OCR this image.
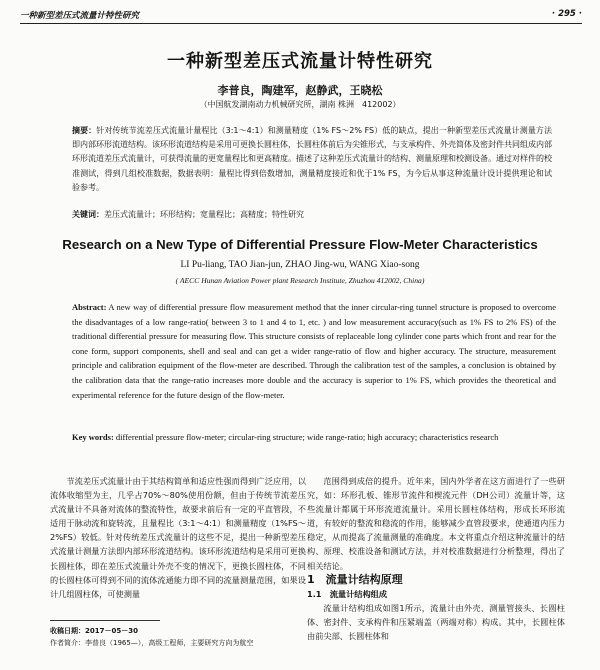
一种新型差压式流量计特性研究	· 295 ·
一种新型差压式流量计特性研究
李普良，陶建军，赵静武，王晓松
（中国航发湖南动力机械研究所，湖南 株洲　412002）
摘要：针对传统节流差压式流量计量程比（3:1～4:1）和测量精度（1% FS～2% FS）低的缺点，提出一种新型差压式流量计测量方法即内部环形流道结构。该环形流道结构是采用可更换长圆柱体，长圆柱体前后为尖锥形式，与支承构件、外壳简体及密封件共同组成内部环形流道差压式流量计，可获得流量的更宽量程比和更高精度。描述了这种差压式流量计的结构、测量原理和校测设备。通过对样件的校准测试，得到几组校准数据，数据表明：量程比得到倍数增加，测量精度接近和优于1% FS，为今后从事这种流量计设计提供理论和试验参考。
关键词：差压式流量计；环形结构；宽量程比；高精度；特性研究
Research on a New Type of Differential Pressure Flow-Meter Characteristics
LI Pu-liang, TAO Jian-jun, ZHAO Jing-wu, WANG Xiao-song
( AECC Hunan Aviation Power plant Research Institute, Zhuzhou 412002, China)
Abstract: A new way of differential pressure flow measurement method that the inner circular-ring tunnel structure is proposed to overcome the disadvantages of a low range-ratio( between 3 to 1 and 4 to 1, etc. ) and low measurement accuracy(such as 1% FS to 2% FS) of the traditional differential pressure for measuring flow. This structure consists of replaceable long cylinder cone parts which front and rear for the cone form, support components, shell and seal and can get a wider range-ratio of flow and higher accuracy. The structure, measurement principle and calibration equipment of the flow-meter are described. Through the calibration test of the samples, a conclusion is obtained by the calibration data that the range-ratio increases more double and the accuracy is superior to 1% FS, which provides the theoretical and experimental reference for the future design of the flow-meter.
Key words: differential pressure flow-meter; circular-ring structure; wide range-ratio; high accuracy; characteristics research

节流差压式流量计由于其结构简单和适应性强而得到广泛应用，以流体收缩型为主，几乎占70%～80%使用份额，但由于传统节流差压式流量计不具备对流体的整流特性，故要求前后有一定的平直管段，不适用于脉动流和旋转流，且量程比（3:1～4:1）和测量精度（1%FS～2%FS）较低。针对传统差压式流量计的这些不足，提出一种新型差压式流量计测量方法即内部环形流道结构。该环形流道结构是采用可更换长圆柱体，即在差压式流量计外壳不变的情况下，更换长圆柱体，不同的长圆柱体可得到不同的流体流通能力即不同的流量测量范围，如果设计几组圆柱体，可使测量

范围得到成倍的提升。近年来，国内外学者在这方面进行了一些研究，如：环形孔板、锥形节流件和楔流元件（DH公司）流量计等，这些流量计都属于环形流道流量计。采用长圆柱体结构，形成长环形流道，有较好的整流和稳流的作用，能够减少直管段要求，使通道内压力稳定，从而提高了流量测量的准确度。本文将重点介绍这种流量计的结构、原理、校准设备和测试方法，并对校准数据进行分析整理，得出了相关结论。

1　流量计结构原理

1.1　流量计结构组成

流量计结构组成如图1所示，流量计由外壳、测量管接头、长圆柱体、密封件、支承构件和压紧端盖（两端对称）构成。其中，长圆柱体由前尖部、长圆柱体和

收稿日期：2017－05－30
作者简介：李普良（1965—），高级工程师，主要研究方向为航空
